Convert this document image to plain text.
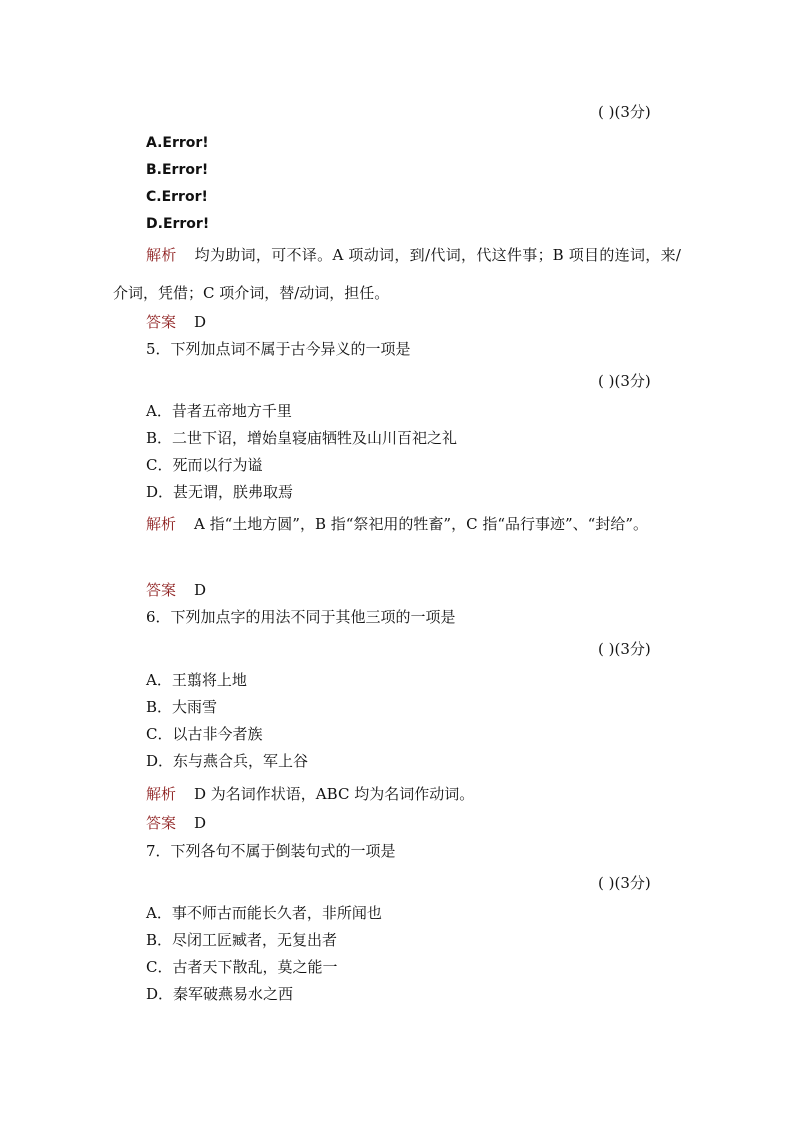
( )(3分)
A.Error!
B.Error!
C.Error!
D.Error!
解析 均为助词，可不译。A 项动词，到/代词，代这件事；B 项目的连词，来/介词，凭借；C 项介词，替/动词，担任。
答案 D
5．下列加点词不属于古今异义的一项是
( )(3分)
A．昔者五帝地方千里
B．二世下诏，增始皇寝庙牺牲及山川百祀之礼
C．死而以行为谥
D．甚无谓，朕弗取焉
解析 A 指“土地方圆”，B 指“祭祀用的牲畜”，C 指“品行事迹”、“封给”。
答案 D
6．下列加点字的用法不同于其他三项的一项是
( )(3分)
A．王翦将上地
B．大雨雪
C．以古非今者族
D．东与燕合兵，军上谷
解析 D 为名词作状语，ABC 均为名词作动词。
答案 D
7．下列各句不属于倒装句式的一项是
( )(3分)
A．事不师古而能长久者，非所闻也
B．尽闭工匠臧者，无复出者
C．古者天下散乱，莫之能一
D．秦军破燕易水之西
